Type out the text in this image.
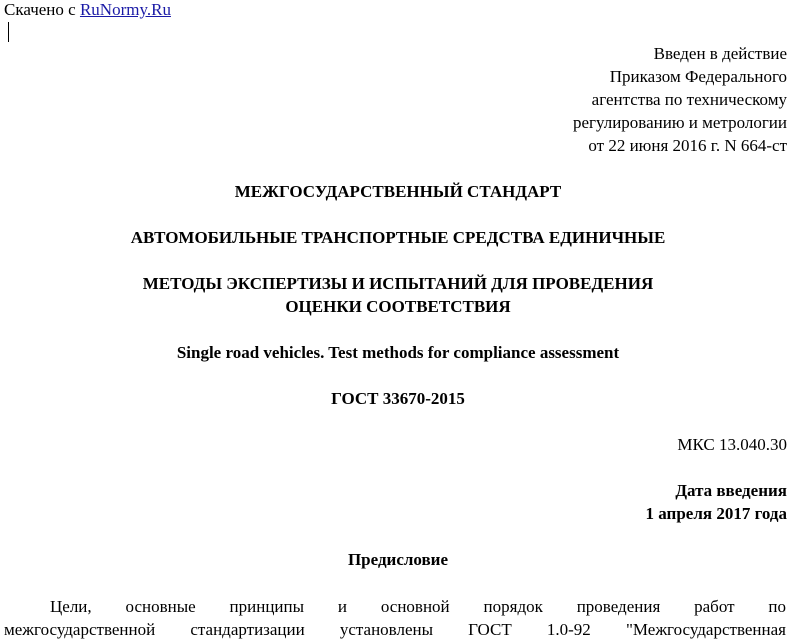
Скачено с RuNormy.Ru
Введен в действие
Приказом Федерального
агентства по техническому
регулированию и метрологии
от 22 июня 2016 г. N 664-ст
МЕЖГОСУДАРСТВЕННЫЙ СТАНДАРТ
АВТОМОБИЛЬНЫЕ ТРАНСПОРТНЫЕ СРЕДСТВА ЕДИНИЧНЫЕ
МЕТОДЫ ЭКСПЕРТИЗЫ И ИСПЫТАНИЙ ДЛЯ ПРОВЕДЕНИЯ
ОЦЕНКИ СООТВЕТСТВИЯ
Single road vehicles. Test methods for compliance assessment
ГОСТ 33670-2015
МКС 13.040.30
Дата введения
1 апреля 2017 года
Предисловие
Цели, основные принципы и основной порядок проведения работ по
межгосударственной стандартизации установлены ГОСТ 1.0-92 "Межгосударственная
